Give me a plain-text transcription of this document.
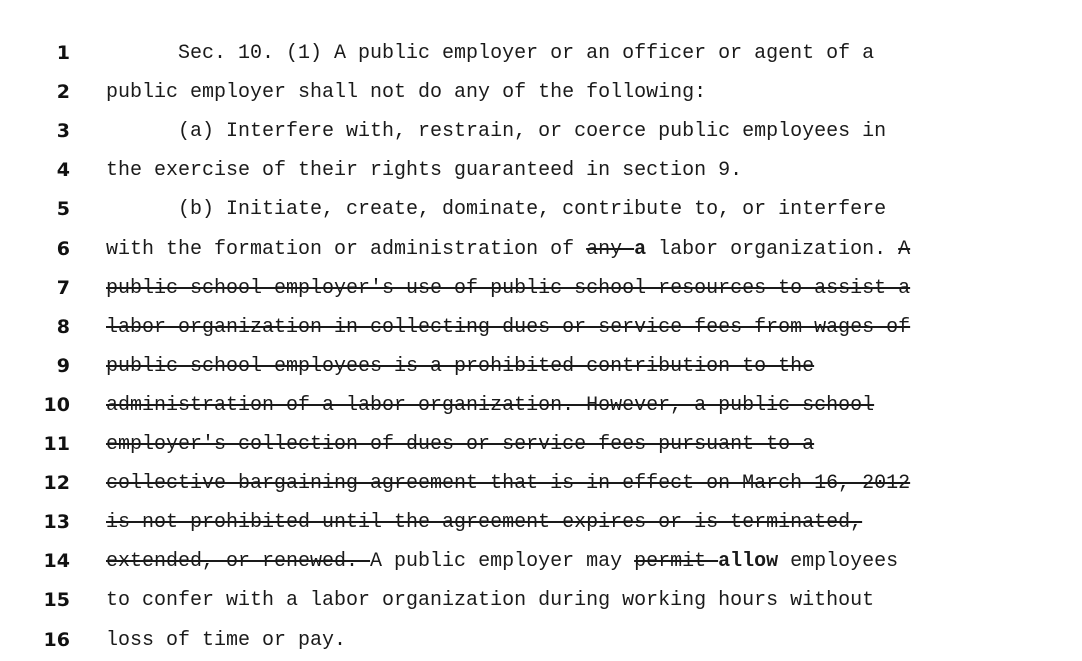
1 Sec. 10. (1) A public employer or an officer or agent of a
2 public employer shall not do any of the following:
3 (a) Interfere with, restrain, or coerce public employees in
4 the exercise of their rights guaranteed in section 9.
5 (b) Initiate, create, dominate, contribute to, or interfere
6 with the formation or administration of any a labor organization. A
7 public school employer's use of public school resources to assist a
8 labor organization in collecting dues or service fees from wages of
9 public school employees is a prohibited contribution to the
10 administration of a labor organization. However, a public school
11 employer's collection of dues or service fees pursuant to a
12 collective bargaining agreement that is in effect on March 16, 2012
13 is not prohibited until the agreement expires or is terminated,
14 extended, or renewed. A public employer may permit allow employees
15 to confer with a labor organization during working hours without
16 loss of time or pay.
